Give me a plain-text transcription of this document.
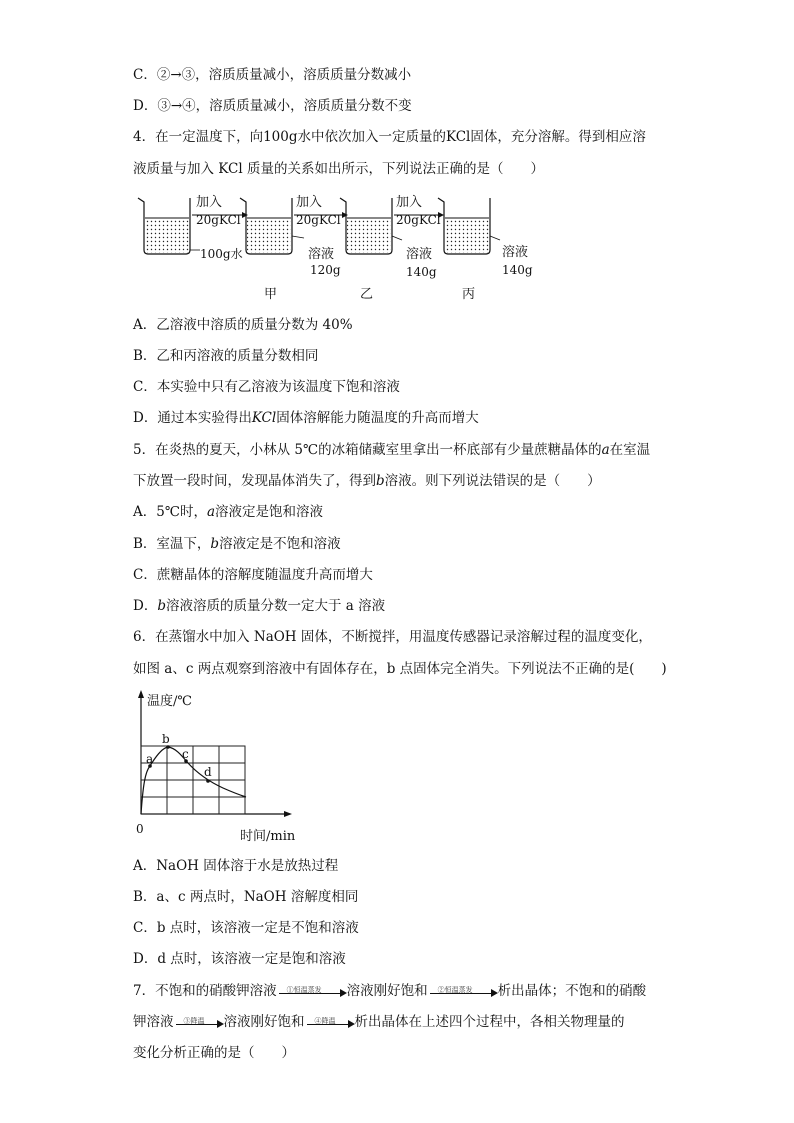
C．②→③，溶质质量减小，溶质质量分数减小
D．③→④，溶质质量减小，溶质质量分数不变
4．在一定温度下，向100g水中依次加入一定质量的KCl固体，充分溶解。得到相应溶
液质量与加入 KCl 质量的关系如出所示，下列说法正确的是（　　）
加入
20gKCl
加入
20gKCl
加入
20gKCl
100g水	溶液
120g
溶液
140g
溶液
140g
甲	乙	丙
A．乙溶液中溶质的质量分数为 40%
B．乙和丙溶液的质量分数相同
C．本实验中只有乙溶液为该温度下饱和溶液
D．通过本实验得出KCl固体溶解能力随温度的升高而增大
5．在炎热的夏天，小林从 5℃的冰箱储藏室里拿出一杯底部有少量蔗糖晶体的a在室温
下放置一段时间，发现晶体消失了，得到b溶液。则下列说法错误的是（　　）
A．5℃时，a溶液定是饱和溶液
B．室温下，b溶液定是不饱和溶液
C．蔗糖晶体的溶解度随温度升高而增大
D．b溶液溶质的质量分数一定大于 a 溶液
6．在蒸馏水中加入 NaOH 固体，不断搅拌，用温度传感器记录溶解过程的温度变化，
如图 a、c 两点观察到溶液中有固体存在，b 点固体完全消失。下列说法不正确的是(　　)
a
b
c
d
温度/℃
0	时间/min
A．NaOH 固体溶于水是放热过程
B．a、c 两点时，NaOH 溶解度相同
C．b 点时，该溶液一定是不饱和溶液
D．d 点时，该溶液一定是饱和溶液
7．不饱和的硝酸钾溶液 ①恒温蒸发 溶液刚好饱和 ②恒温蒸发 析出晶体；不饱和的硝酸
钾溶液 ③降温 溶液刚好饱和 ④降温 析出晶体在上述四个过程中，各相关物理量的
变化分析正确的是（　　）
